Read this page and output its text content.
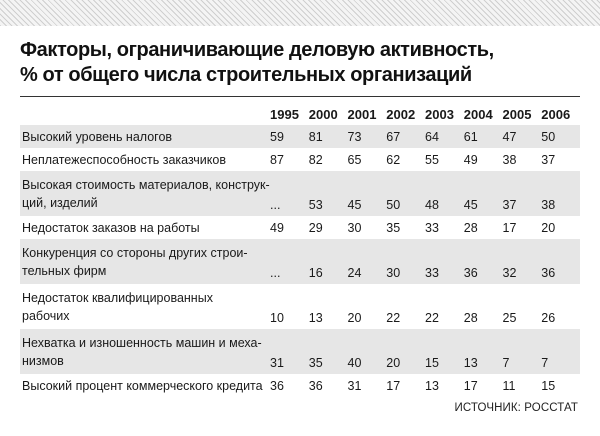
Факторы, ограничивающие деловую активность,
% от общего числа строительных организаций
	1995	2000	2001	2002	2003	2004	2005	2006
Высокий уровень налогов	59	81	73	67	64	61	47	50
Неплатежеспособность заказчиков	87	82	65	62	55	49	38	37
Высокая стоимость материалов, конструк-
ций, изделий	...	53	45	50	48	45	37	38
Недостаток заказов на работы	49	29	30	35	33	28	17	20
Конкуренция со стороны других строи-
тельных фирм	...	16	24	30	33	36	32	36
Недостаток квалифицированных
рабочих	10	13	20	22	22	28	25	26
Нехватка и изношенность машин и меха-
низмов	31	35	40	20	15	13	7	7
Высокий процент коммерческого кредита	36	36	31	17	13	17	11	15
ИСТОЧНИК: РОССТАТ
